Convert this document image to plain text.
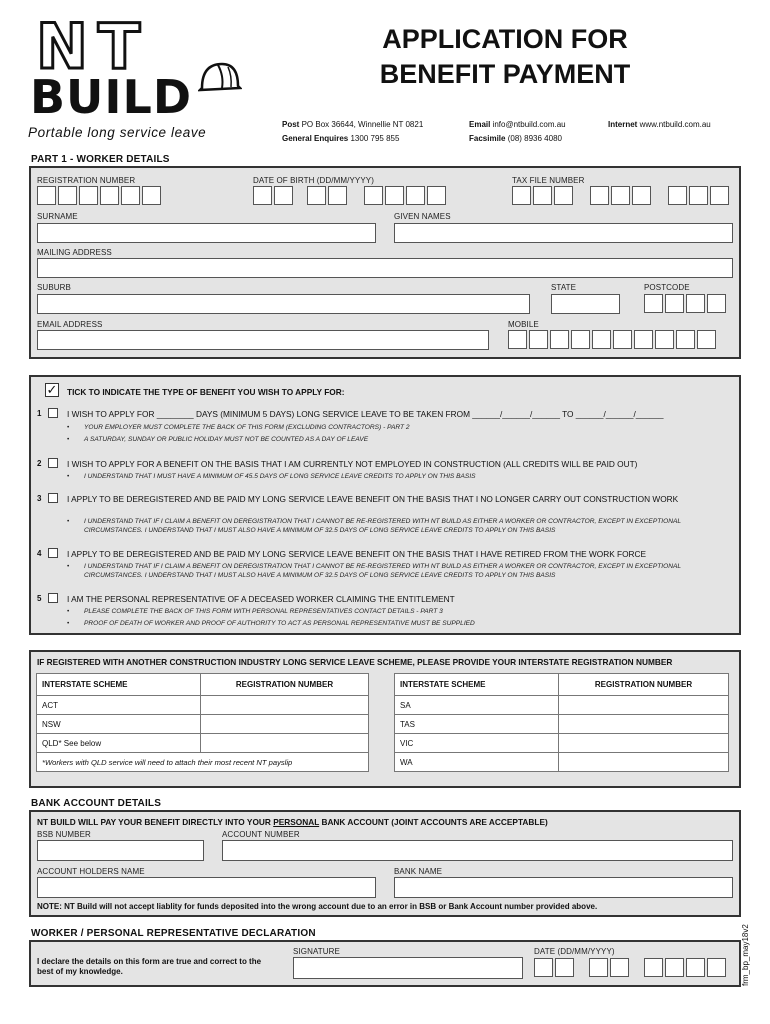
NT
BUILD
Portable long service leave
APPLICATION FOR
BENEFIT PAYMENT
Post PO Box 36644, Winnellie NT 0821	Email info@ntbuild.com.au	Internet www.ntbuild.com.au
General Enquires 1300 795 855	Facsimile (08) 8936 4080
PART 1 - WORKER DETAILS
REGISTRATION NUMBER	DATE OF BIRTH (DD/MM/YYYY)	TAX FILE NUMBER
SURNAME	GIVEN NAMES
MAILING ADDRESS
SUBURB	STATE	POSTCODE
EMAIL ADDRESS	MOBILE
✓ TICK TO INDICATE THE TYPE OF BENEFIT YOU WISH TO APPLY FOR:
1	I WISH TO APPLY FOR ________ DAYS (MINIMUM 5 DAYS) LONG SERVICE LEAVE TO BE TAKEN FROM ______/______/______ TO ______/______/______
• YOUR EMPLOYER MUST COMPLETE THE BACK OF THIS FORM (EXCLUDING CONTRACTORS) - PART 2
• A SATURDAY, SUNDAY OR PUBLIC HOLIDAY MUST NOT BE COUNTED AS A DAY OF LEAVE
2	I WISH TO APPLY FOR A BENEFIT ON THE BASIS THAT I AM CURRENTLY NOT EMPLOYED IN CONSTRUCTION (ALL CREDITS WILL BE PAID OUT)
• I UNDERSTAND THAT I MUST HAVE A MINIMUM OF 45.5 DAYS OF LONG SERVICE LEAVE CREDITS TO APPLY ON THIS BASIS
3	I APPLY TO BE DEREGISTERED AND BE PAID MY LONG SERVICE LEAVE BENEFIT ON THE BASIS THAT I NO LONGER CARRY OUT CONSTRUCTION WORK
• I UNDERSTAND THAT IF I CLAIM A BENEFIT ON DEREGISTRATION THAT I CANNOT BE RE-REGISTERED WITH NT BUILD AS EITHER A WORKER OR CONTRACTOR, EXCEPT IN EXCEPTIONAL CIRCUMSTANCES. I UNDERSTAND THAT I MUST ALSO HAVE A MINIMUM OF 32.5 DAYS OF LONG SERVICE LEAVE CREDITS TO APPLY ON THIS BASIS
4	I APPLY TO BE DEREGISTERED AND BE PAID MY LONG SERVICE LEAVE BENEFIT ON THE BASIS THAT I HAVE RETIRED FROM THE WORK FORCE
• I UNDERSTAND THAT IF I CLAIM A BENEFIT ON DEREGISTRATION THAT I CANNOT BE RE-REGISTERED WITH NT BUILD AS EITHER A WORKER OR CONTRACTOR, EXCEPT IN EXCEPTIONAL CIRCUMSTANCES. I UNDERSTAND THAT I MUST ALSO HAVE A MINIMUM OF 32.5 DAYS OF LONG SERVICE LEAVE CREDITS TO APPLY ON THIS BASIS
5	I AM THE PERSONAL REPRESENTATIVE OF A DECEASED WORKER CLAIMING THE ENTITLEMENT
• PLEASE COMPLETE THE BACK OF THIS FORM WITH PERSONAL REPRESENTATIVES CONTACT DETAILS - PART 3
• PROOF OF DEATH OF WORKER AND PROOF OF AUTHORITY TO ACT AS PERSONAL REPRESENTATIVE MUST BE SUPPLIED
IF REGISTERED WITH ANOTHER CONSTRUCTION INDUSTRY LONG SERVICE LEAVE SCHEME, PLEASE PROVIDE YOUR INTERSTATE REGISTRATION NUMBER
INTERSTATE SCHEME	REGISTRATION NUMBER
ACT	
NSW	
QLD* See below	
*Workers with QLD service will need to attach their most recent NT payslip	
INTERSTATE SCHEME	REGISTRATION NUMBER
SA	
TAS	
VIC	
WA	
BANK ACCOUNT DETAILS
NT BUILD WILL PAY YOUR BENEFIT DIRECTLY INTO YOUR PERSONAL BANK ACCOUNT (JOINT ACCOUNTS ARE ACCEPTABLE)
BSB NUMBER	ACCOUNT NUMBER
ACCOUNT HOLDERS NAME	BANK NAME
NOTE: NT Build will not accept liablity for funds deposited into the wrong account due to an error in BSB or Bank Account number provided above.
WORKER / PERSONAL REPRESENTATIVE DECLARATION
I declare the details on this form are true and correct to the best of my knowledge.
SIGNATURE	DATE (DD/MM/YYYY)	frm_bp_may18v2
